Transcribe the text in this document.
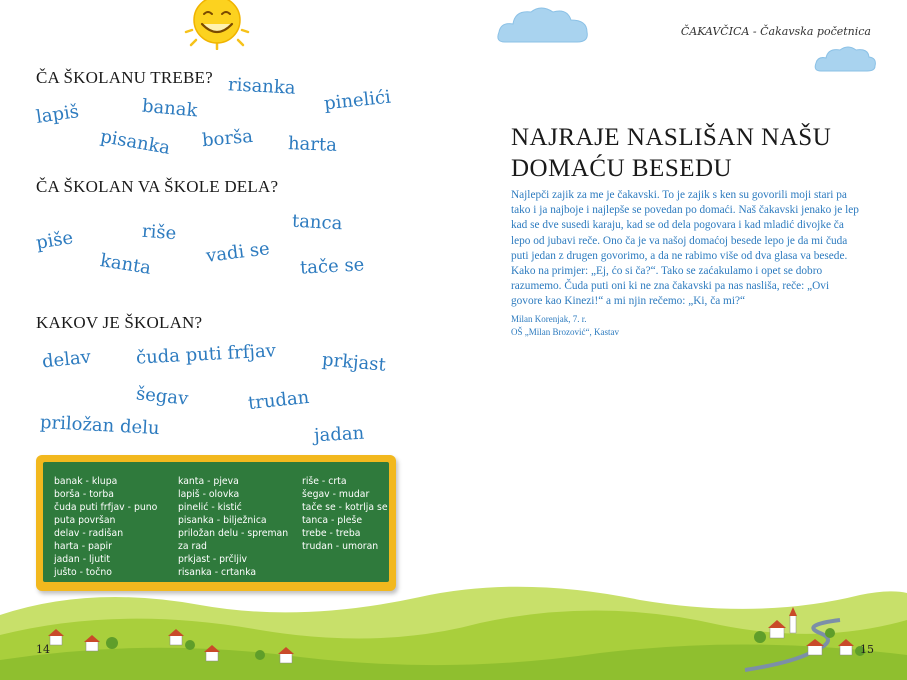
ČA ŠKOLANU TREBE?
lapiš	banak
risanka
pinelići
pisanka borša harta
ČA ŠKOLAN VA ŠKOLE DELA?
piše	riše
kanta	vadi se
tanca
tače se
KAKOV JE ŠKOLAN?
delav čuda puti frfjav prkjast
šegav	trudan
priložan delu	jadan
banak - klupa
borša - torba
čuda puti frfjav - puno
puta površan
delav - radišan
harta - papir
jadan - ljutit
jušto - točno
kanta - pjeva
lapiš - olovka
pinelić - kistić
pisanka - bilježnica
priložan delu - spreman
za rad
prkjast - prčljiv
risanka - crtanka
riše - crta
šegav - mudar
tače se - kotrlja se
tanca - pleše
trebe - treba
trudan - umoran
ČAKAVČICA - Čakavska početnica
NAJRAJE NASLIŠAN NAŠU
DOMAĆU BESEDU

Najlepči zajik za me je čakavski. To je zajik s ken su govorili moji stari pa tako i ja najboje i najlepše se povedan po domaći. Naš čakavski jenako je lep kad se dve susedi karaju, kad se od dela pogovara i kad mladić divojke ča lepo od jubavi reče. Ono ča je va našoj domaćoj besede lepo je da mi čuda puti jedan z drugen govorimo, a da ne rabimo više od dva glasa va besede. Kako na primjer: „Ej, ćo si ča?“. Tako se zaćakulamo i opet se dobro razumemo. Čuda puti oni ki ne zna čakavski pa nas nasliša, reče: „Ovi govore kao Kinezi!“ a mi njin rečemo: „Ki, ča mi?“

Milan Korenjak, 7. r.
OŠ „Milan Brozović“, Kastav

14	15
